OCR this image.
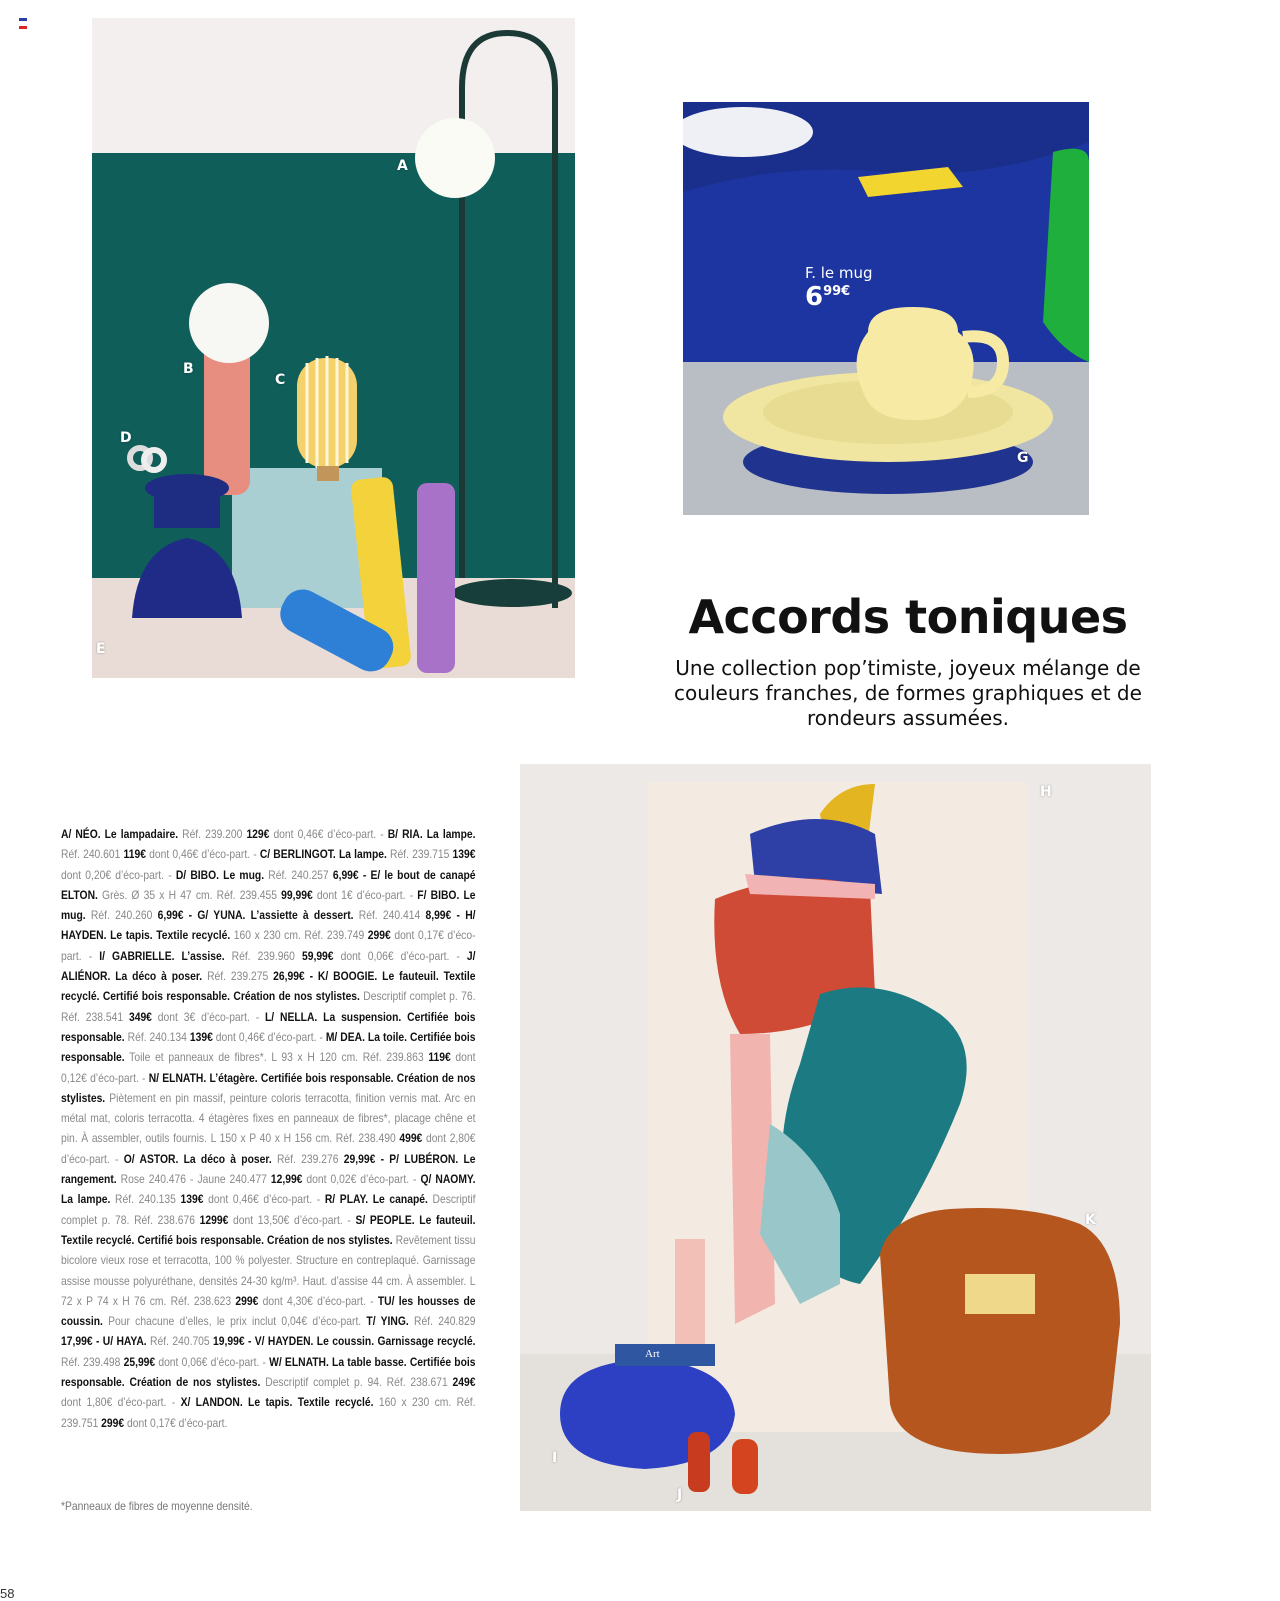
A
B
C
D
E
F. le mug
$6^{99€}$
G
Accords toniques

Une collection pop’timiste, joyeux mélange de couleurs franches, de formes graphiques et de rondeurs assumées.

A/ NÉO. Le lampadaire. Réf. 239.200 129€ dont 0,46€ d’éco-part. - B/ RIA. La lampe. Réf. 240.601 119€ dont 0,46€ d’éco-part. - C/ BERLINGOT. La lampe. Réf. 239.715 139€ dont 0,20€ d’éco-part. - D/ BIBO. Le mug. Réf. 240.257 6,99€ - E/ le bout de canapé ELTON. Grès. Ø 35 x H 47 cm. Réf. 239.455 99,99€ dont 1€ d’éco-part. - F/ BIBO. Le mug. Réf. 240.260 6,99€ - G/ YUNA. L’assiette à dessert. Réf. 240.414 8,99€ - H/ HAYDEN. Le tapis. Textile recyclé. 160 x 230 cm. Réf. 239.749 299€ dont 0,17€ d’éco-part. - I/ GABRIELLE. L’assise. Réf. 239.960 59,99€ dont 0,06€ d’éco-part. - J/ ALIÉNOR. La déco à poser. Réf. 239.275 26,99€ - K/ BOOGIE. Le fauteuil. Textile recyclé. Certifié bois responsable. Création de nos stylistes. Descriptif complet p. 76. Réf. 238.541 349€ dont 3€ d’éco-part. - L/ NELLA. La suspension. Certifiée bois responsable. Réf. 240.134 139€ dont 0,46€ d’éco-part. - M/ DEA. La toile. Certifiée bois responsable. Toile et panneaux de fibres*. L 93 x H 120 cm. Réf. 239.863 119€ dont 0,12€ d’éco-part. - N/ ELNATH. L’étagère. Certifiée bois responsable. Création de nos stylistes. Piètement en pin massif, peinture coloris terracotta, finition vernis mat. Arc en métal mat, coloris terracotta. 4 étagères fixes en panneaux de fibres*, placage chêne et pin. À assembler, outils fournis. L 150 x P 40 x H 156 cm. Réf. 238.490 499€ dont 2,80€ d’éco-part. - O/ ASTOR. La déco à poser. Réf. 239.276 29,99€ - P/ LUBÉRON. Le rangement. Rose 240.476 - Jaune 240.477 12,99€ dont 0,02€ d’éco-part. - Q/ NAOMY. La lampe. Réf. 240.135 139€ dont 0,46€ d’éco-part. - R/ PLAY. Le canapé. Descriptif complet p. 78. Réf. 238.676 1299€ dont 13,50€ d’éco-part. - S/ PEOPLE. Le fauteuil. Textile recyclé. Certifié bois responsable. Création de nos stylistes. Revêtement tissu bicolore vieux rose et terracotta, 100 % polyester. Structure en contreplaqué. Garnissage assise mousse polyuréthane, densités 24-30 kg/m³. Haut. d’assise 44 cm. À assembler. L 72 x P 74 x H 76 cm. Réf. 238.623 299€ dont 4,30€ d’éco-part. - TU/ les housses de coussin. Pour chacune d’elles, le prix inclut 0,04€ d’éco-part. T/ YING. Réf. 240.829 17,99€ - U/ HAYA. Réf. 240.705 19,99€ - V/ HAYDEN. Le coussin. Garnissage recyclé. Réf. 239.498 25,99€ dont 0,06€ d’éco-part. - W/ ELNATH. La table basse. Certifiée bois responsable. Création de nos stylistes. Descriptif complet p. 94. Réf. 238.671 249€ dont 1,80€ d’éco-part. - X/ LANDON. Le tapis. Textile recyclé. 160 x 230 cm. Réf. 239.751 299€ dont 0,17€ d’éco-part.
*Panneaux de fibres de moyenne densité.
H
K
I
J
Art
58
